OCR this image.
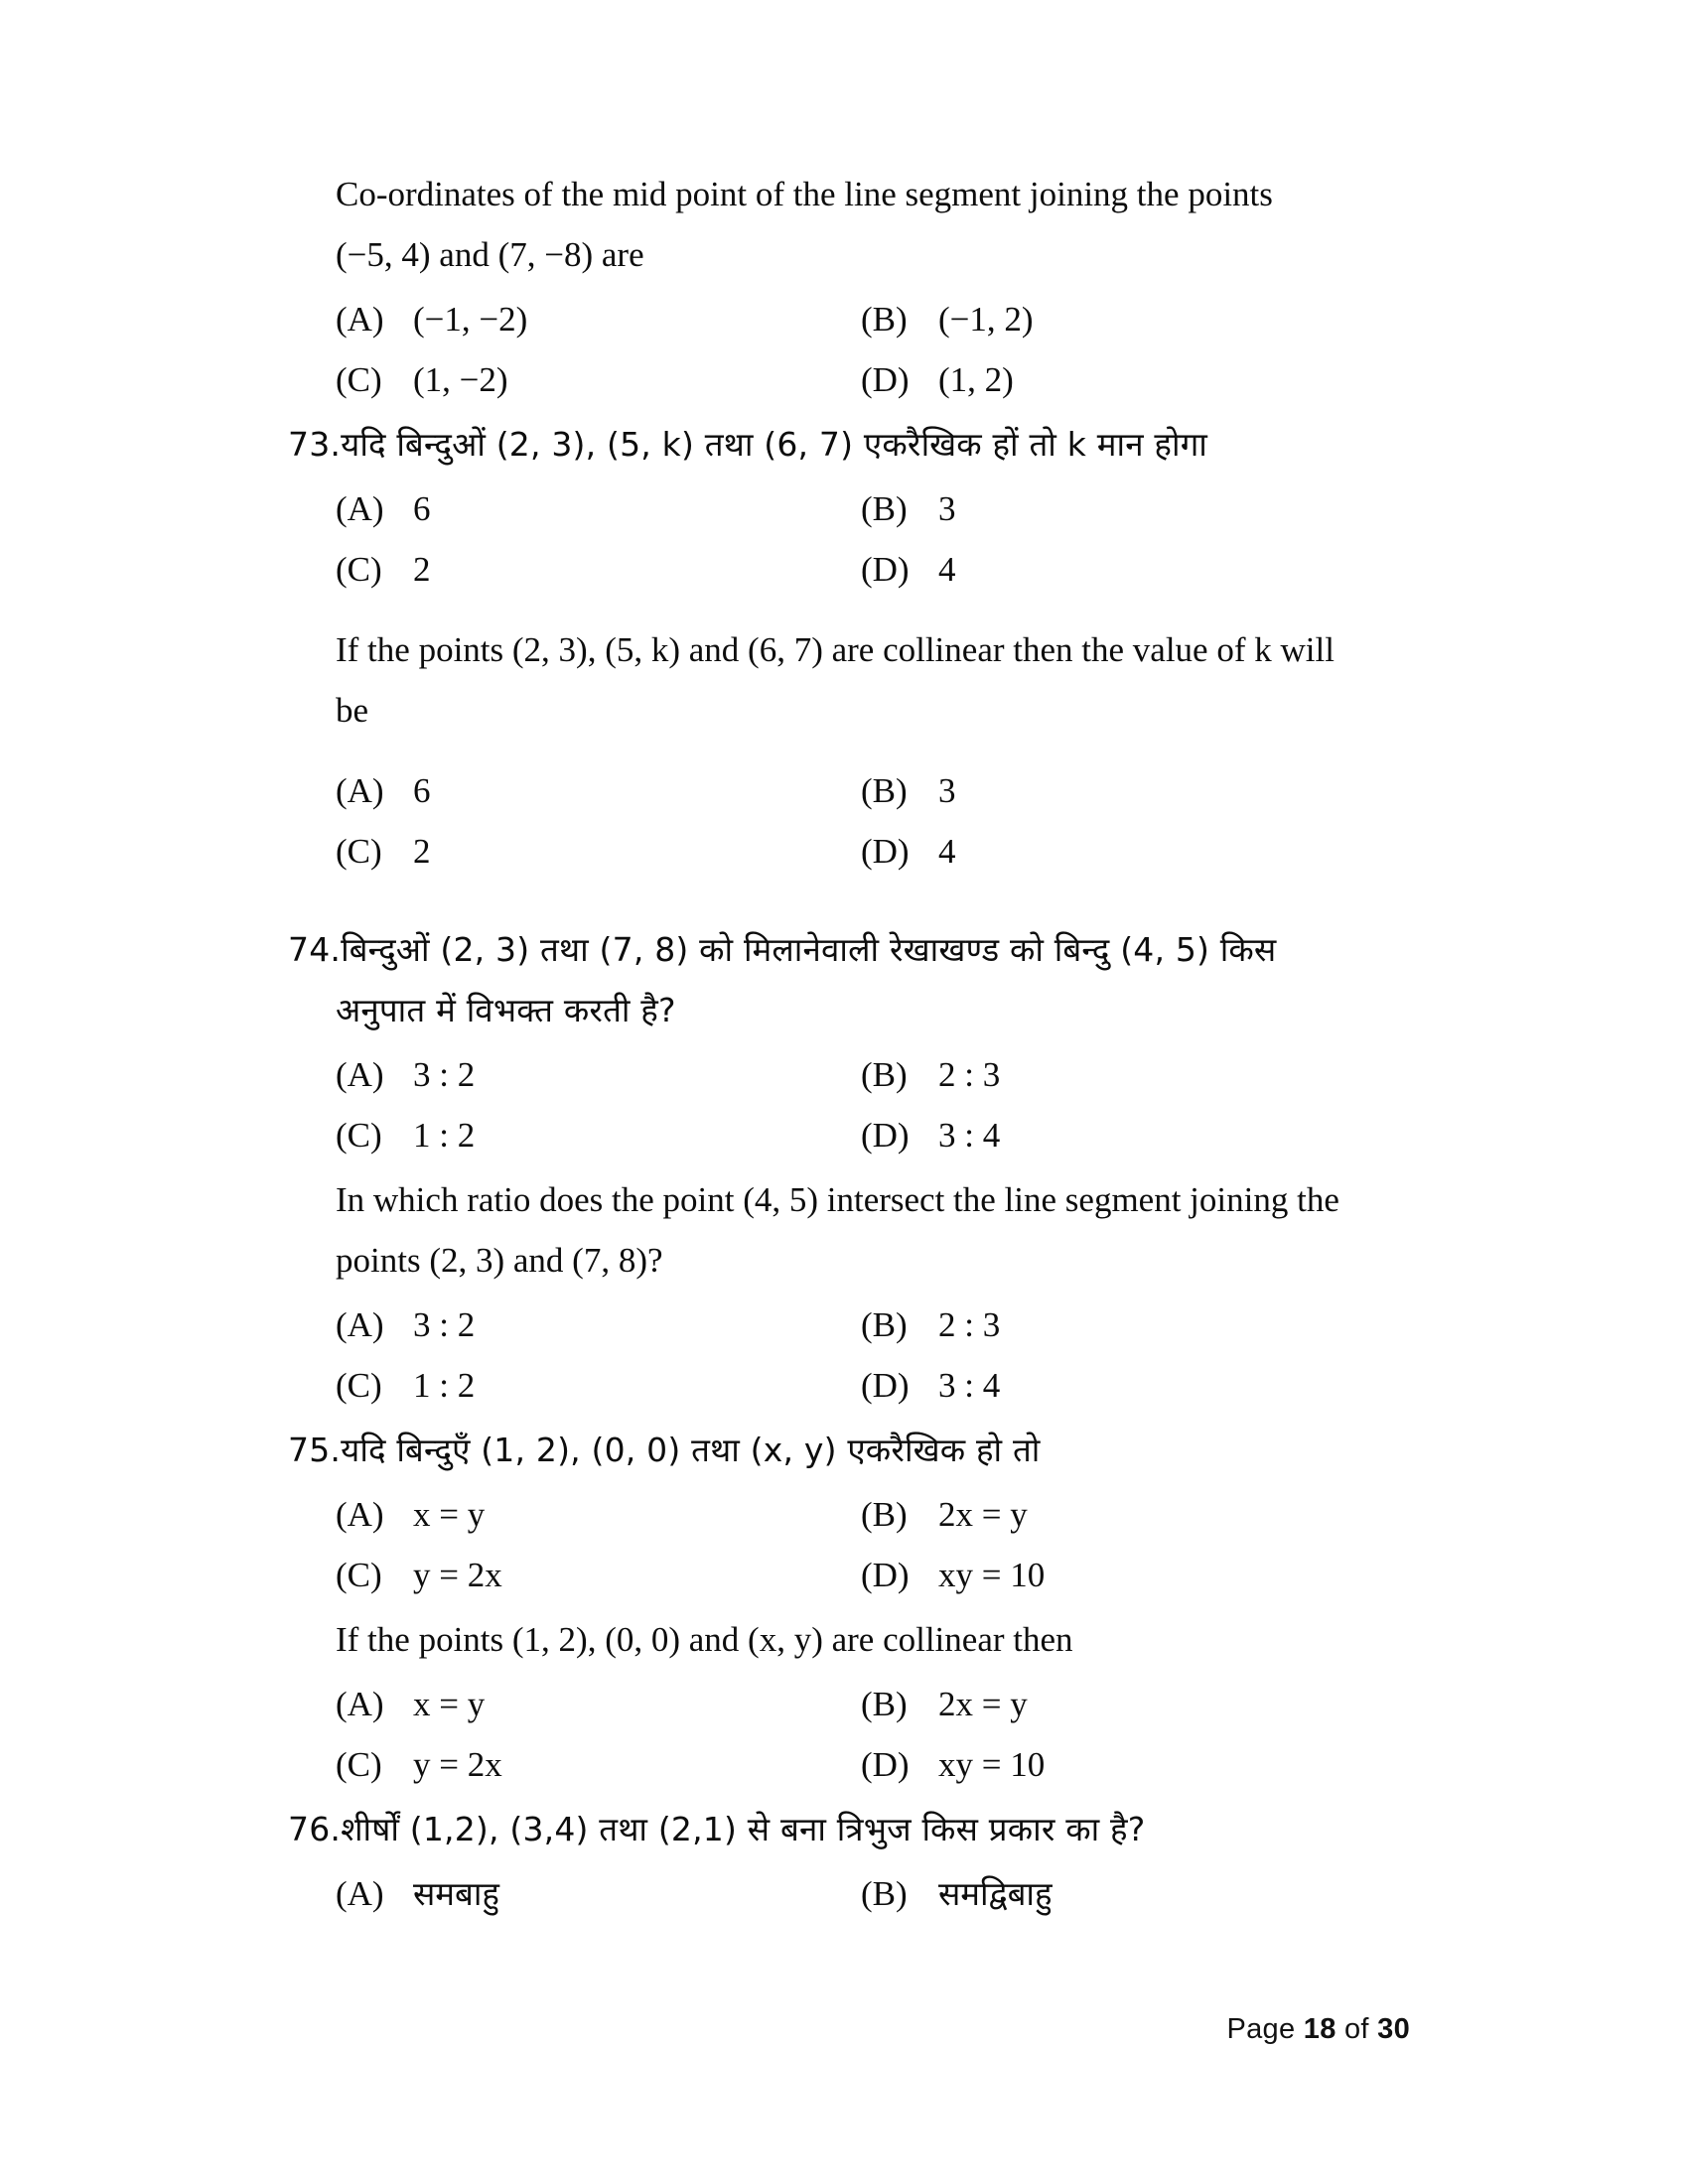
Co-ordinates of the mid point of the line segment joining the points
(−5, 4) and (7, −8) are
(A) (−1, −2)	(B) (−1, 2)
(C) (1, −2)	(D) (1, 2)
73.यदि बिन्दुओं (2, 3), (5, k) तथा (6, 7) एकरैखिक हों तो k मान होगा
(A) 6	(B) 3
(C) 2	(D) 4
If the points (2, 3), (5, k) and (6, 7) are collinear then the value of k will
be
(A) 6	(B) 3
(C) 2	(D) 4
74.बिन्दुओं (2, 3) तथा (7, 8) को मिलानेवाली रेखाखण्ड को बिन्दु (4, 5) किस
अनुपात में विभक्त करती है?
(A) 3 : 2	(B) 2 : 3
(C) 1 : 2	(D) 3 : 4
In which ratio does the point (4, 5) intersect the line segment joining the
points (2, 3) and (7, 8)?
(A) 3 : 2	(B) 2 : 3
(C) 1 : 2	(D) 3 : 4
75.यदि बिन्दुएँ (1, 2), (0, 0) तथा (x, y) एकरैखिक हो तो
(A) x = y	(B) 2x = y
(C) y = 2x	(D) xy = 10
If the points (1, 2), (0, 0) and (x, y) are collinear then
(A) x = y	(B) 2x = y
(C) y = 2x	(D) xy = 10
76.शीर्षों (1,2), (3,4) तथा (2,1) से बना त्रिभुज किस प्रकार का है?
(A) समबाहु	(B) समद्विबाहु
Page 18 of 30
